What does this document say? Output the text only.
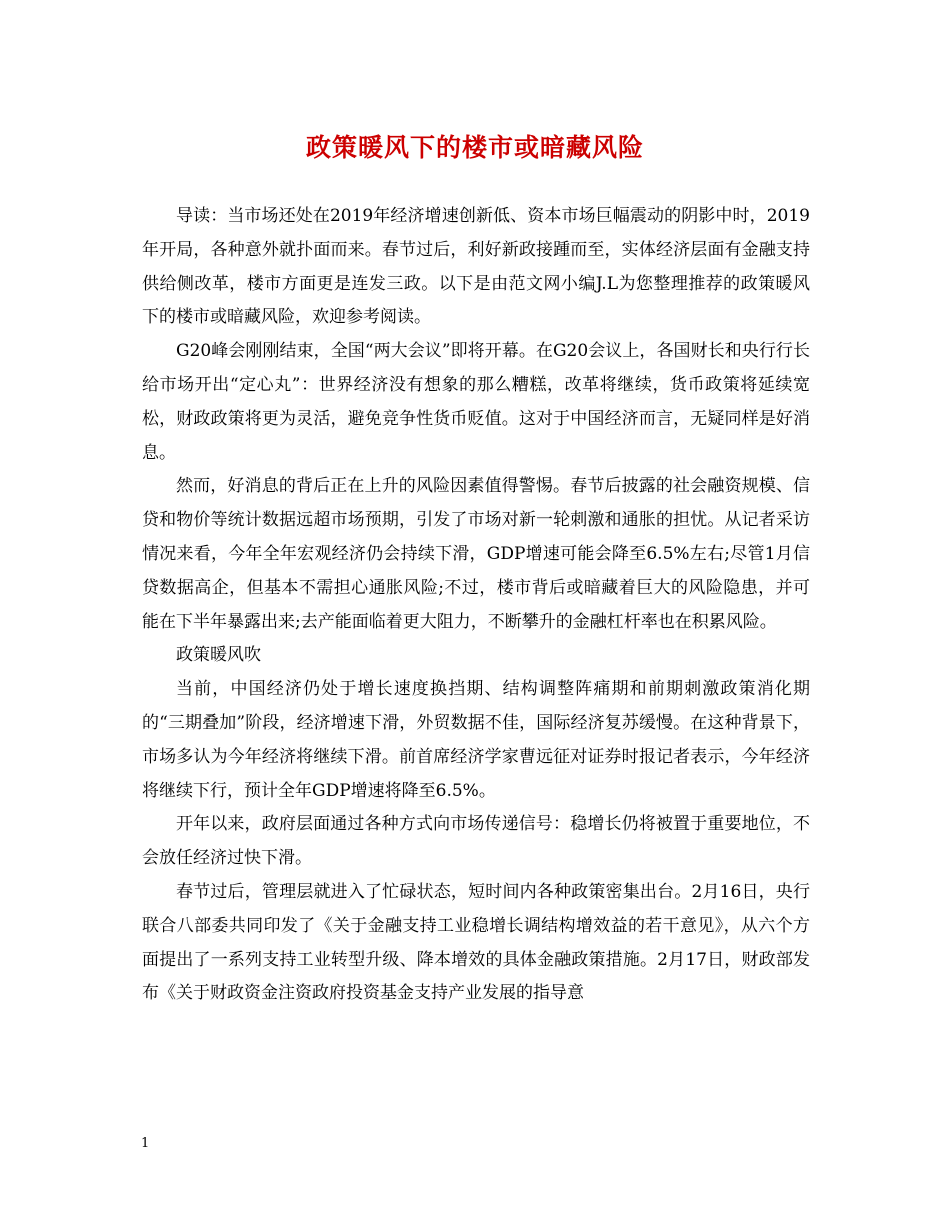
政策暖风下的楼市或暗藏风险

导读：当市场还处在2019年经济增速创新低、资本市场巨幅震动的阴影中时，2019年开局，各种意外就扑面而来。春节过后，利好新政接踵而至，实体经济层面有金融支持供给侧改革，楼市方面更是连发三政。以下是由范文网小编J.L为您整理推荐的政策暖风下的楼市或暗藏风险，欢迎参考阅读。

G20峰会刚刚结束，全国“两大会议”即将开幕。在G20会议上，各国财长和央行行长给市场开出“定心丸”：世界经济没有想象的那么糟糕，改革将继续，货币政策将延续宽松，财政政策将更为灵活，避免竞争性货币贬值。这对于中国经济而言，无疑同样是好消息。

然而，好消息的背后正在上升的风险因素值得警惕。春节后披露的社会融资规模、信贷和物价等统计数据远超市场预期，引发了市场对新一轮刺激和通胀的担忧。从记者采访情况来看，今年全年宏观经济仍会持续下滑，GDP增速可能会降至6.5%左右;尽管1月信贷数据高企，但基本不需担心通胀风险;不过，楼市背后或暗藏着巨大的风险隐患，并可能在下半年暴露出来;去产能面临着更大阻力，不断攀升的金融杠杆率也在积累风险。

政策暖风吹

当前，中国经济仍处于增长速度换挡期、结构调整阵痛期和前期刺激政策消化期的“三期叠加”阶段，经济增速下滑，外贸数据不佳，国际经济复苏缓慢。在这种背景下，市场多认为今年经济将继续下滑。前首席经济学家曹远征对证券时报记者表示，今年经济将继续下行，预计全年GDP增速将降至6.5%。

开年以来，政府层面通过各种方式向市场传递信号：稳增长仍将被置于重要地位，不会放任经济过快下滑。

春节过后，管理层就进入了忙碌状态，短时间内各种政策密集出台。2月16日，央行联合八部委共同印发了《关于金融支持工业稳增长调结构增效益的若干意见》，从六个方面提出了一系列支持工业转型升级、降本增效的具体金融政策措施。2月17日，财政部发布《关于财政资金注资政府投资基金支持产业发展的指导意

1
